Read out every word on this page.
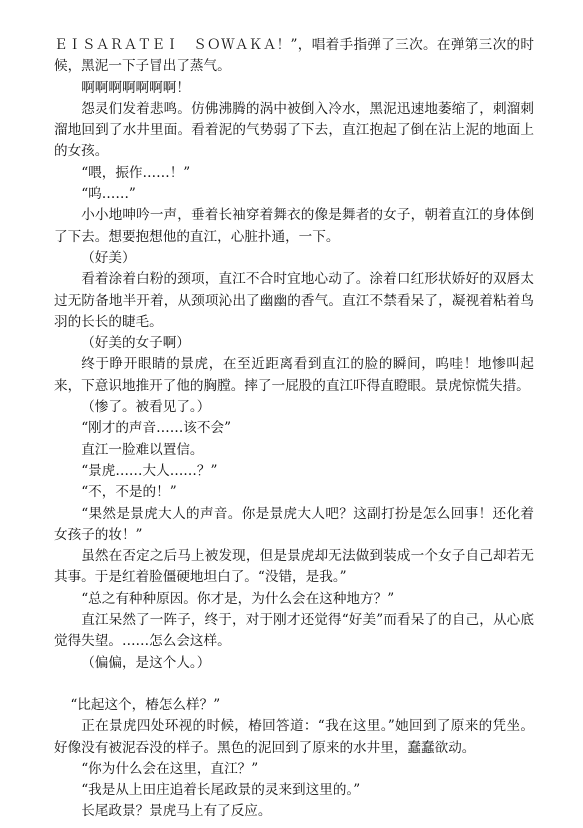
ＥＩＳＡＲＡＴＥＩ　ＳＯＷＡＫＡ！”，唱着手指弹了三次。在弹第三次的时候，黑泥一下子冒出了蒸气。

啊啊啊啊啊啊啊！

怨灵们发着悲鸣。仿佛沸腾的涡中被倒入冷水，黑泥迅速地萎缩了，刺溜刺溜地回到了水井里面。看着泥的气势弱了下去，直江抱起了倒在沾上泥的地面上的女孩。

“喂，振作……！”

“呜……”

小小地呻吟一声，垂着长袖穿着舞衣的像是舞者的女子，朝着直江的身体倒了下去。想要抱想他的直江，心脏扑通，一下。

（好美）

看着涂着白粉的颈项，直江不合时宜地心动了。涂着口红形状娇好的双唇太过无防备地半开着，从颈项沁出了幽幽的香气。直江不禁看呆了，凝视着粘着鸟羽的长长的睫毛。

（好美的女子啊）

终于睁开眼睛的景虎，在至近距离看到直江的脸的瞬间，呜哇！地惨叫起来，下意识地推开了他的胸膛。摔了一屁股的直江吓得直瞪眼。景虎惊慌失措。

（惨了。被看见了。）

“刚才的声音……该不会”

直江一脸难以置信。

“景虎……大人……？”

“不，不是的！”

“果然是景虎大人的声音。你是景虎大人吧？这副打扮是怎么回事！还化着女孩子的妆！”

虽然在否定之后马上被发现，但是景虎却无法做到装成一个女子自己却若无其事。于是红着脸僵硬地坦白了。“没错，是我。”

“总之有种种原因。你才是，为什么会在这种地方？”

直江呆然了一阵子，终于，对于刚才还觉得“好美”而看呆了的自己，从心底觉得失望。……怎么会这样。

（偏偏，是这个人。）

“比起这个，椿怎么样？”

正在景虎四处环视的时候，椿回答道：“我在这里。”她回到了原来的凭坐。好像没有被泥吞没的样子。黑色的泥回到了原来的水井里，蠢蠢欲动。

“你为什么会在这里，直江？”

“我是从上田庄追着长尾政景的灵来到这里的。”

长尾政景？景虎马上有了反应。
